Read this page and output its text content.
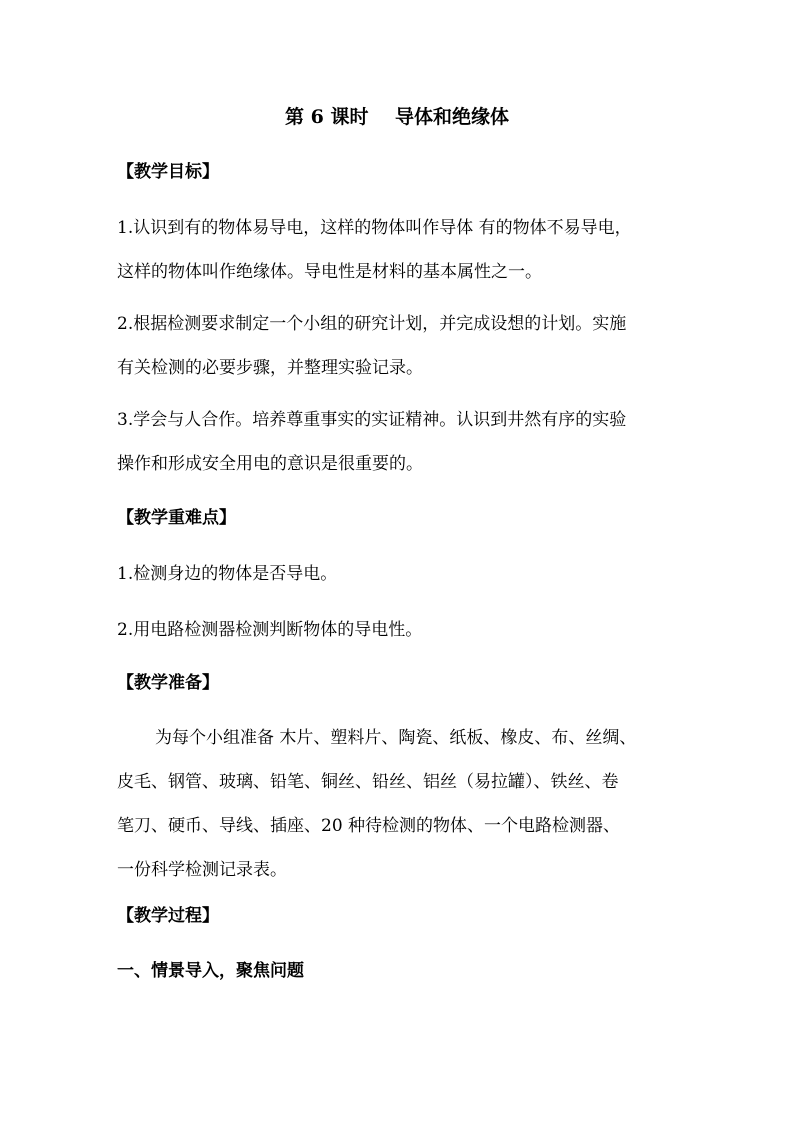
第 6 课时    导体和绝缘体
【教学目标】
1.认识到有的物体易导电，这样的物体叫作导体 有的物体不易导电，
这样的物体叫作绝缘体。导电性是材料的基本属性之一。
2.根据检测要求制定一个小组的研究计划，并完成设想的计划。实施
有关检测的必要步骤，并整理实验记录。
3.学会与人合作。培养尊重事实的实证精神。认识到井然有序的实验
操作和形成安全用电的意识是很重要的。
【教学重难点】
1.检测身边的物体是否导电。
2.用电路检测器检测判断物体的导电性。
【教学准备】
为每个小组准备 木片、塑料片、陶瓷、纸板、橡皮、布、丝绸、
皮毛、钢管、玻璃、铅笔、铜丝、铅丝、铝丝（易拉罐）、铁丝、卷
笔刀、硬币、导线、插座、20 种待检测的物体、一个电路检测器、
一份科学检测记录表。
【教学过程】
一、情景导入，聚焦问题
